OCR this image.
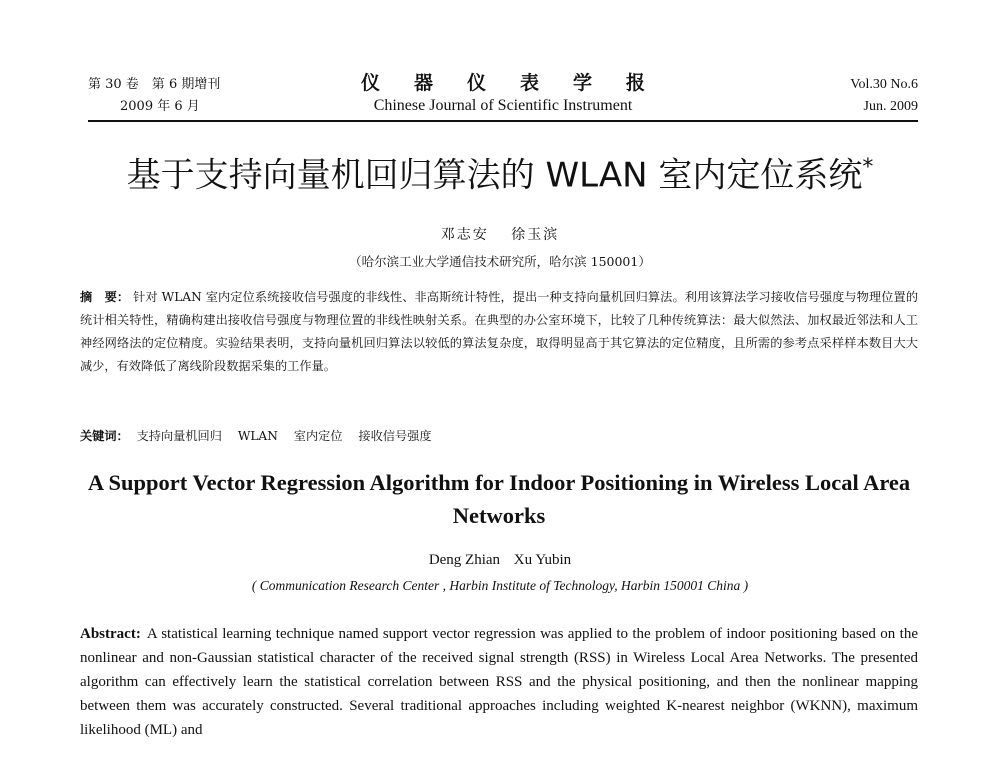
第 30 卷　第 6 期增刊
2009 年 6 月
仪器仪表学报
Chinese Journal of Scientific Instrument
Vol.30 No.6
Jun. 2009
基于支持向量机回归算法的 WLAN 室内定位系统*
邓志安 徐玉滨
（哈尔滨工业大学通信技术研究所，哈尔滨 150001）
摘　要： 针对 WLAN 室内定位系统接收信号强度的非线性、非高斯统计特性，提出一种支持向量机回归算法。利用该算法学习接收信号强度与物理位置的统计相关特性，精确构建出接收信号强度与物理位置的非线性映射关系。在典型的办公室环境下，比较了几种传统算法：最大似然法、加权最近邻法和人工神经网络法的定位精度。实验结果表明，支持向量机回归算法以较低的算法复杂度，取得明显高于其它算法的定位精度，且所需的参考点采样样本数目大大减少，有效降低了离线阶段数据采集的工作量。
关键词： 支持向量机回归 WLAN 室内定位 接收信号强度
A Support Vector Regression Algorithm for Indoor Positioning in Wireless Local Area Networks
Deng Zhian Xu Yubin
( Communication Research Center , Harbin Institute of Technology, Harbin 150001 China )
Abstract: A statistical learning technique named support vector regression was applied to the problem of indoor positioning based on the nonlinear and non-Gaussian statistical character of the received signal strength (RSS) in Wireless Local Area Networks. The presented algorithm can effectively learn the statistical correlation between RSS and the physical positioning, and then the nonlinear mapping between them was accurately constructed. Several traditional approaches including weighted K-nearest neighbor (WKNN), maximum likelihood (ML) and
